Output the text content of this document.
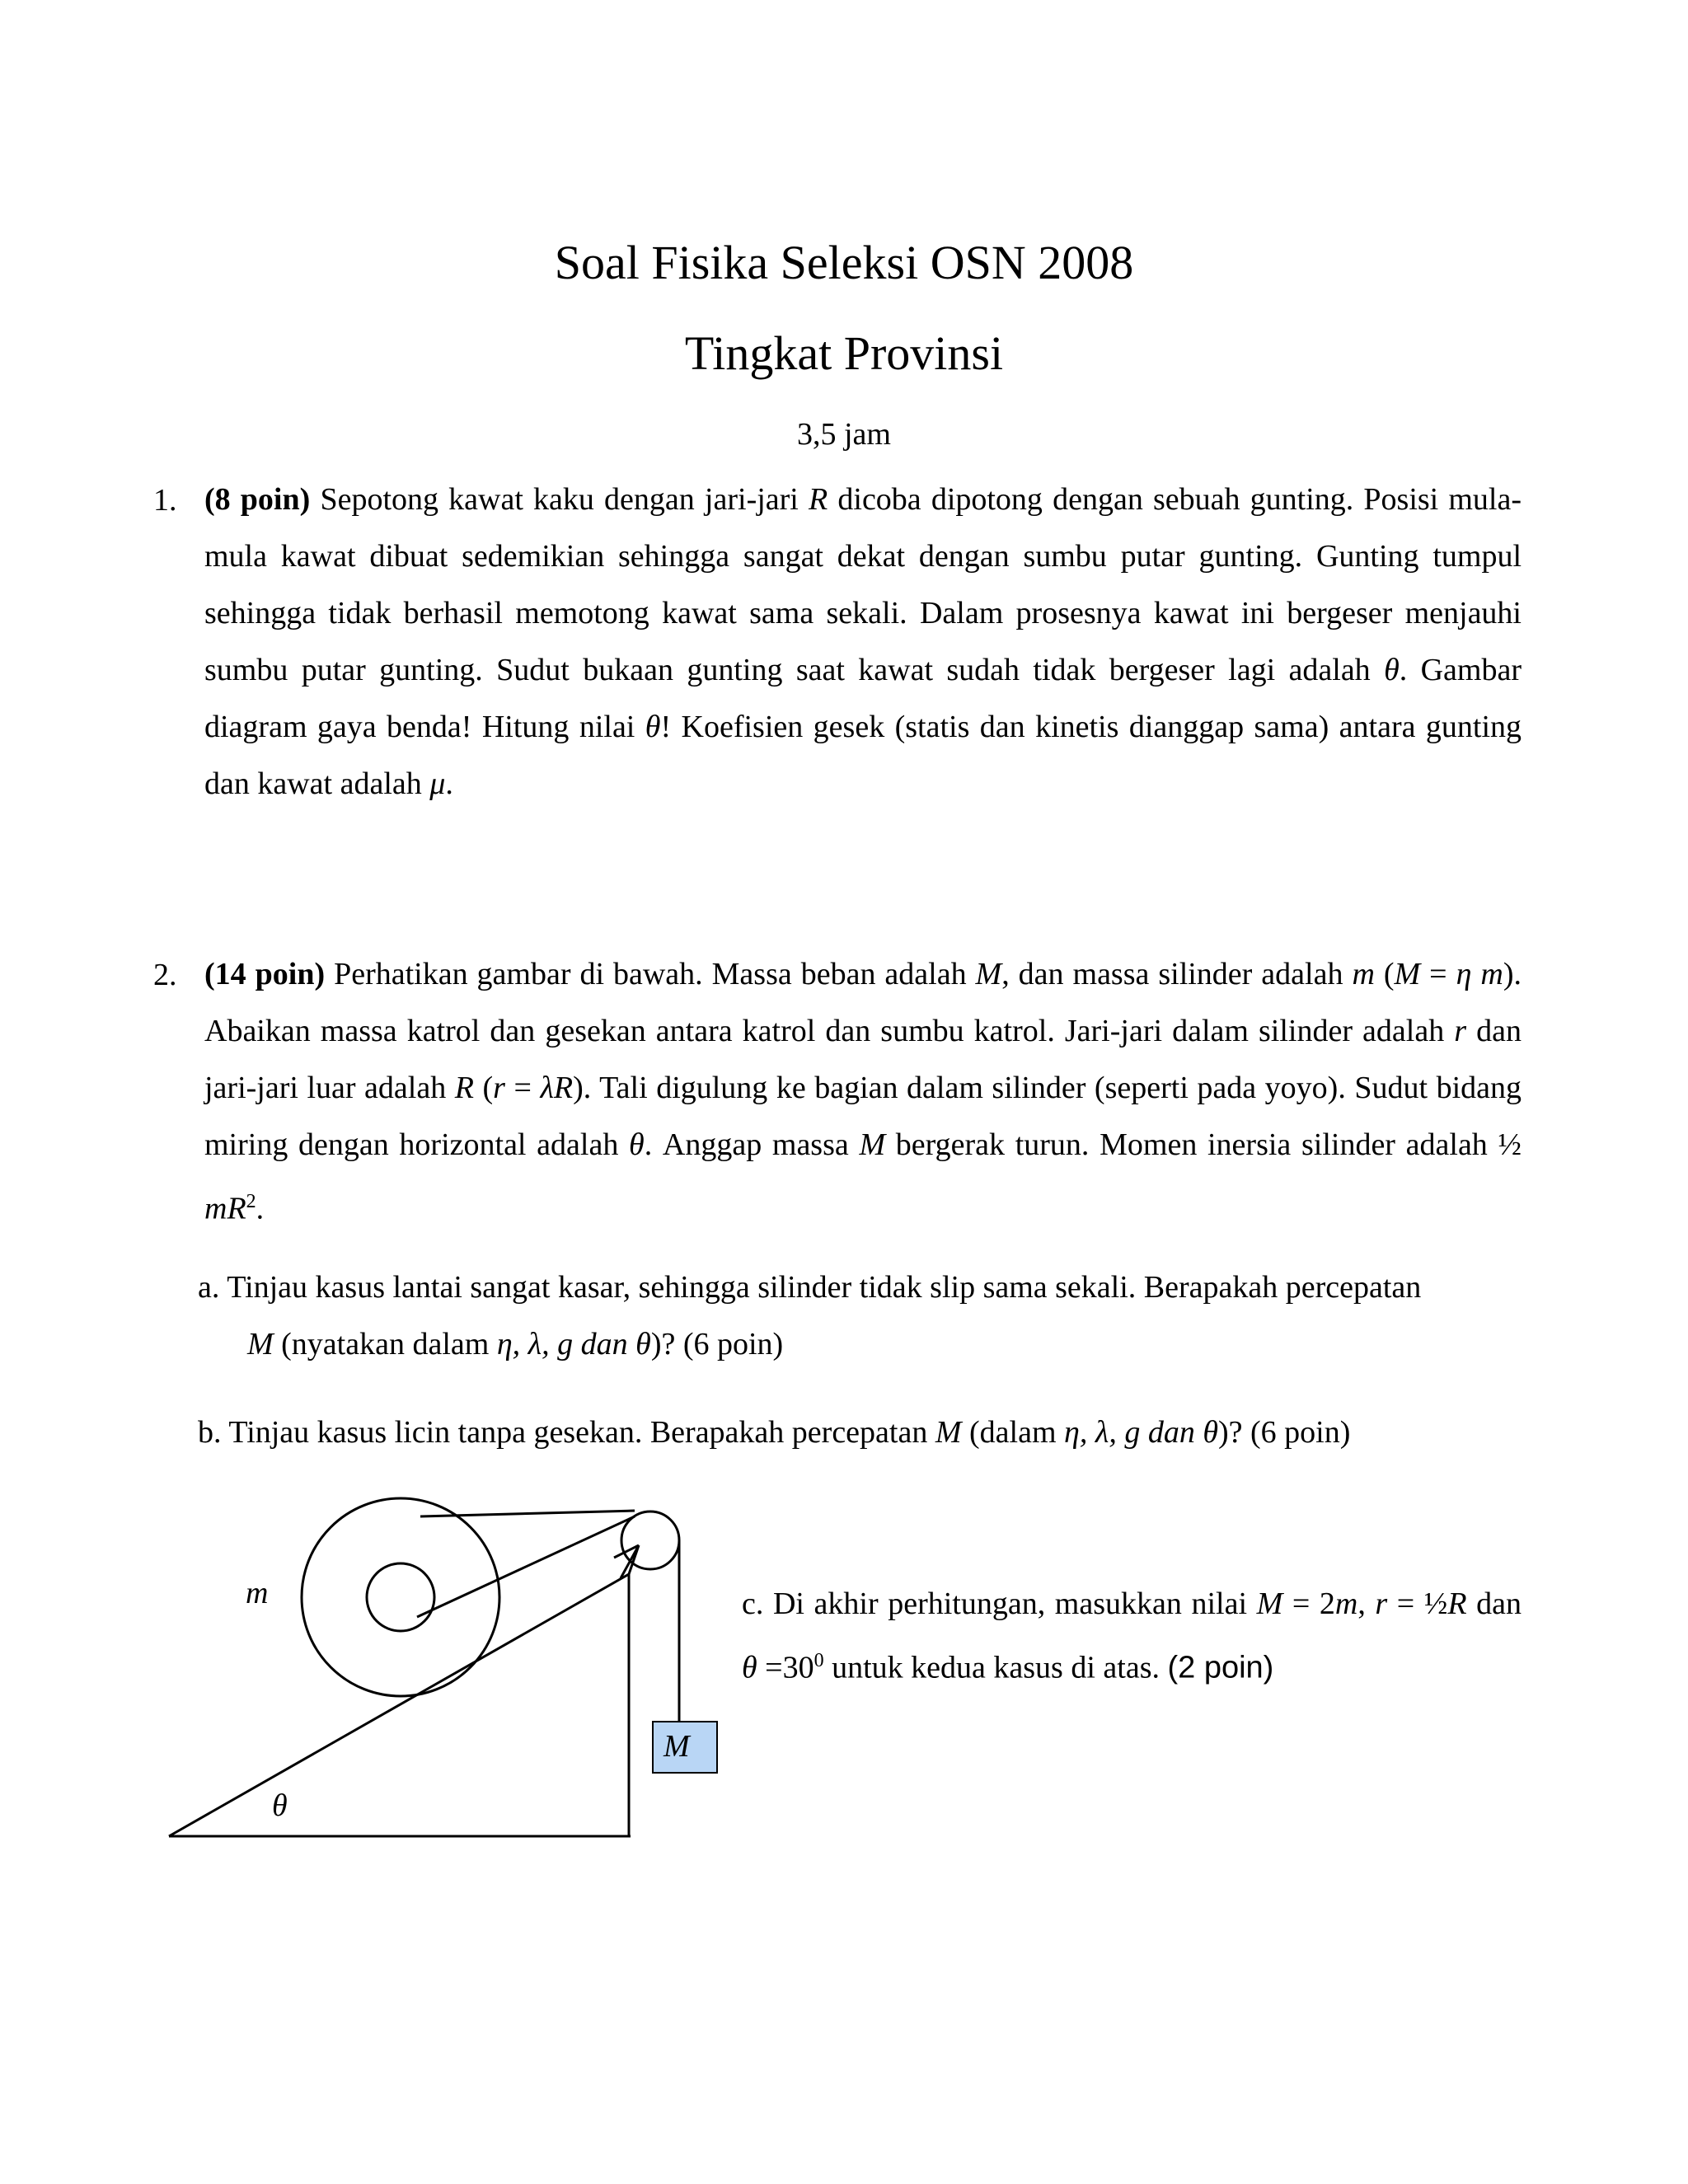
Soal Fisika Seleksi OSN 2008
Tingkat Provinsi
3,5 jam
1. (8 poin) Sepotong kawat kaku dengan jari-jari R dicoba dipotong dengan sebuah gunting. Posisi mula-mula kawat dibuat sedemikian sehingga sangat dekat dengan sumbu putar gunting. Gunting tumpul sehingga tidak berhasil memotong kawat sama sekali. Dalam prosesnya kawat ini bergeser menjauhi sumbu putar gunting. Sudut bukaan gunting saat kawat sudah tidak bergeser lagi adalah θ. Gambar diagram gaya benda! Hitung nilai θ! Koefisien gesek (statis dan kinetis dianggap sama) antara gunting dan kawat adalah μ.
2. (14 poin) Perhatikan gambar di bawah. Massa beban adalah M, dan massa silinder adalah m (M = η m). Abaikan massa katrol dan gesekan antara katrol dan sumbu katrol. Jari-jari dalam silinder adalah r dan jari-jari luar adalah R (r = λR). Tali digulung ke bagian dalam silinder (seperti pada yoyo). Sudut bidang miring dengan horizontal adalah θ. Anggap massa M bergerak turun. Momen inersia silinder adalah ½ $mR^2$.
a. Tinjau kasus lantai sangat kasar, sehingga silinder tidak slip sama sekali. Berapakah percepatan
M (nyatakan dalam η, λ, g dan θ)? (6 poin)
b. Tinjau kasus licin tanpa gesekan. Berapakah percepatan M (dalam η, λ, g dan θ)? (6 poin)
c. Di akhir perhitungan, masukkan nilai M = 2m, r = ½R dan $\theta =30^0$ untuk kedua kasus di atas. (2 poin)
m
θ
M
